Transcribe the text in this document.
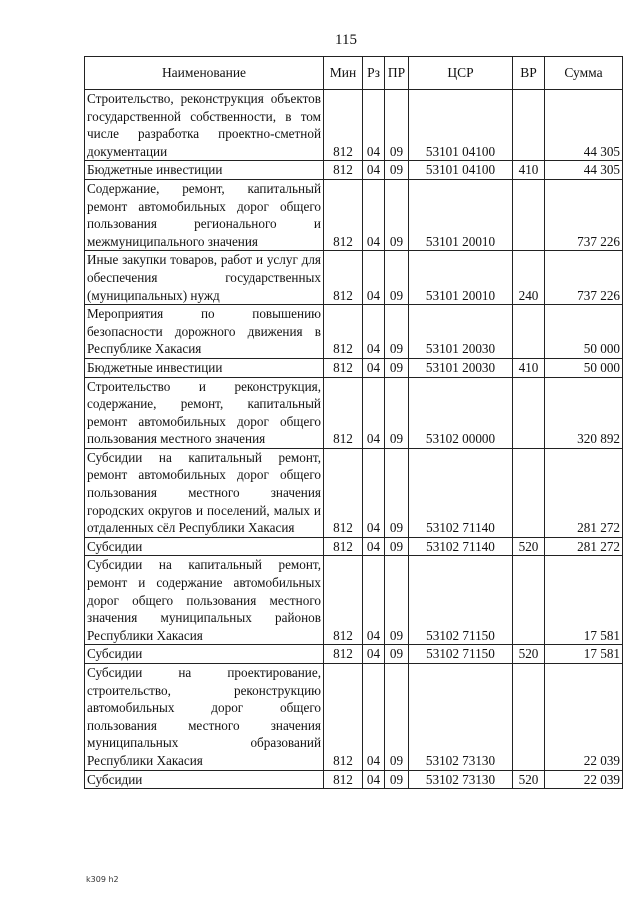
115
Наименование	Мин	Рз	ПР	ЦСР	ВР	Сумма
Строительство, реконструкция объектов государственной собственности, в том числе разработка проектно-сметной документации	812	04	09	53101 04100		44 305
Бюджетные инвестиции	812	04	09	53101 04100	410	44 305
Содержание, ремонт, капитальный ремонт автомобильных дорог общего пользования регионального и межмуниципального значения	812	04	09	53101 20010		737 226
Иные закупки товаров, работ и услуг для обеспечения государственных (муниципальных) нужд	812	04	09	53101 20010	240	737 226
Мероприятия по повышению безопасности дорожного движения в Республике Хакасия	812	04	09	53101 20030		50 000
Бюджетные инвестиции	812	04	09	53101 20030	410	50 000
Строительство и реконструкция, содержание, ремонт, капитальный ремонт автомобильных дорог общего пользования местного значения	812	04	09	53102 00000		320 892
Субсидии на капитальный ремонт, ремонт автомобильных дорог общего пользования местного значения городских округов и поселений, малых и отдаленных сёл Республики Хакасия	812	04	09	53102 71140		281 272
Субсидии	812	04	09	53102 71140	520	281 272
Субсидии на капитальный ремонт, ремонт и содержание автомобильных дорог общего пользования местного значения муниципальных районов Республики Хакасия	812	04	09	53102 71150		17 581
Субсидии	812	04	09	53102 71150	520	17 581
Субсидии на проектирование, строительство, реконструкцию автомобильных дорог общего пользования местного значения муниципальных образований Республики Хакасия	812	04	09	53102 73130		22 039
Субсидии	812	04	09	53102 73130	520	22 039
k309 h2
